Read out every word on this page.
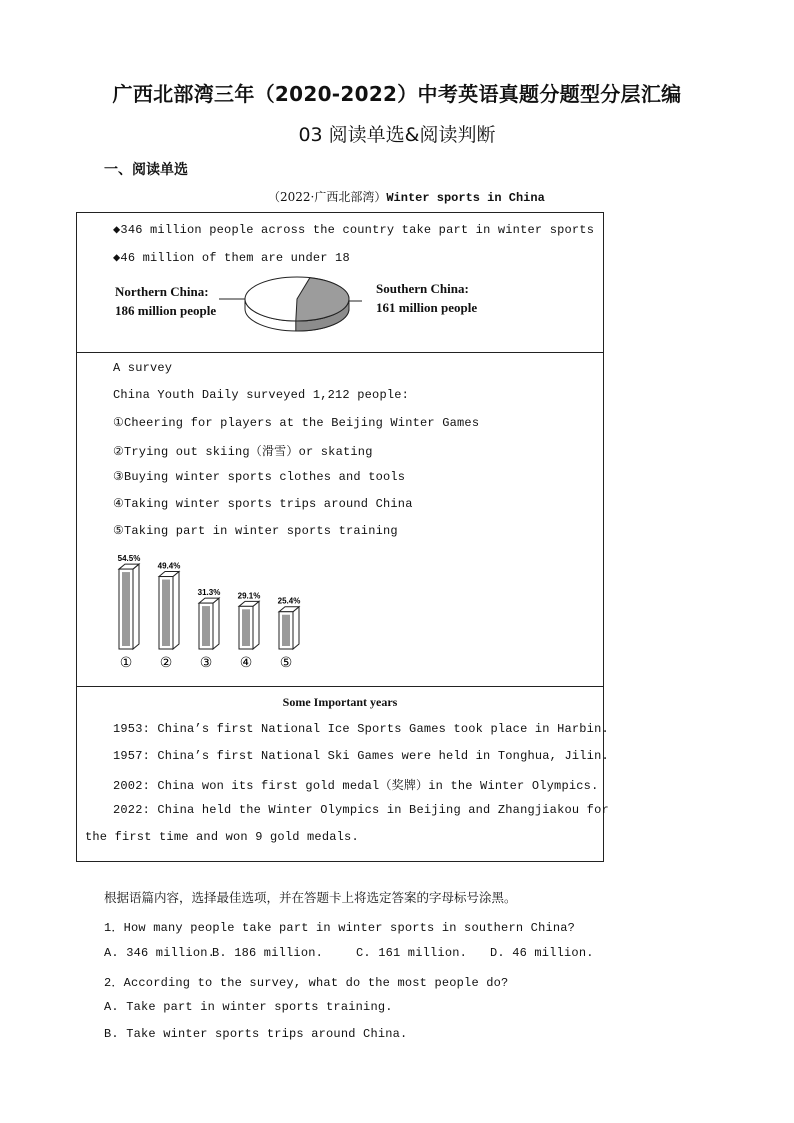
广西北部湾三年（2020-2022）中考英语真题分题型分层汇编
03 阅读单选&阅读判断
一、阅读单选
（2022·广西北部湾）Winter sports in China
◆346 million people across the country take part in winter sports
◆46 million of them are under 18
Northern China:
186 million people
Southern China:
161 million people
A survey
China Youth Daily surveyed 1,212 people:
①Cheering for players at the Beijing Winter Games
②Trying out skiing（滑雪）or skating
③Buying winter sports clothes and tools
④Taking winter sports trips around China
⑤Taking part in winter sports training
54.5%
①
49.4%
②
31.3%
③
29.1%
④
25.4%
⑤
Some Important years
1953: China’s first National Ice Sports Games took place in Harbin.
1957: China’s first National Ski Games were held in Tonghua, Jilin.
2002: China won its first gold medal（奖牌）in the Winter Olympics.
2022: China held the Winter Olympics in Beijing and Zhangjiakou for
the first time and won 9 gold medals.
根据语篇内容，选择最佳选项，并在答题卡上将选定答案的字母标号涂黑。
1．How many people take part in winter sports in southern China?
A. 346 million.
B. 186 million.	C. 161 million. D. 46 million.
2．According to the survey, what do the most people do?
A. Take part in winter sports training.
B. Take winter sports trips around China.
